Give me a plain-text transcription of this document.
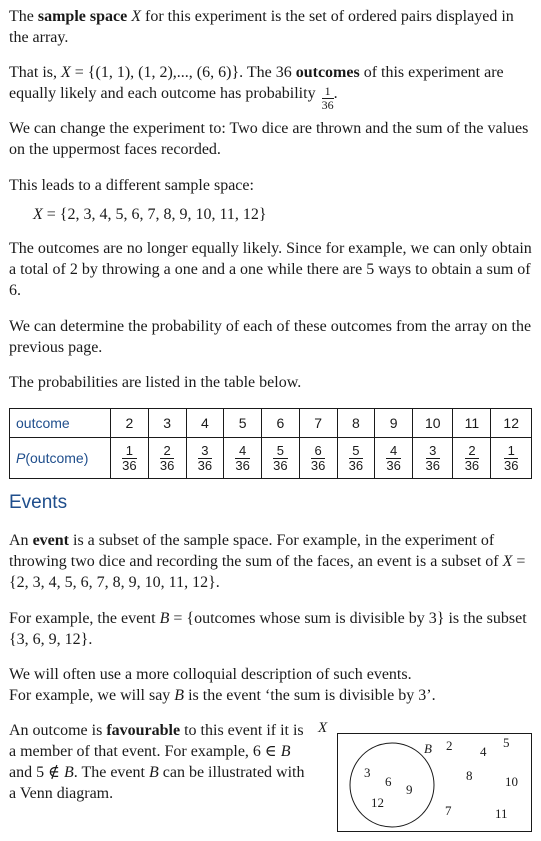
The sample space X for this experiment is the set of ordered pairs displayed in the array.

That is, X = {(1, 1), (1, 2),..., (6, 6)}. The 36 outcomes of this experiment are equally likely and each outcome has probability $\frac{1}{36}$ .

We can change the experiment to: Two dice are thrown and the sum of the values on the uppermost faces recorded.

This leads to a different sample space:

X = {2, 3, 4, 5, 6, 7, 8, 9, 10, 11, 12}

The outcomes are no longer equally likely. Since for example, we can only obtain a total of 2 by throwing a one and a one while there are 5 ways to obtain a sum of 6.

We can determine the probability of each of these outcomes from the array on the previous page.

The probabilities are listed in the table below.

outcome	2	3	4	5	6	7	8	9	10	11	12
P(outcome)	$\frac{1}{36}$	$\frac{2}{36}$	$\frac{3}{36}$	$\frac{4}{36}$	$\frac{5}{36}$	$\frac{6}{36}$	$\frac{5}{36}$	$\frac{4}{36}$	$\frac{3}{36}$	$\frac{2}{36}$	$\frac{1}{36}$
Events

An event is a subset of the sample space. For example, in the experiment of throwing two dice and recording the sum of the faces, an event is a subset of X = {2, 3, 4, 5, 6, 7, 8, 9, 10, 11, 12}.

For example, the event B = {outcomes whose sum is divisible by 3} is the subset {3, 6, 9, 12}.

We will often use a more colloquial description of such events.
For example, we will say B is the event ‘the sum is divisible by 3’.

An outcome is favourable to this event if it is a member of that event. For example, 6 ∈ B and 5 ∉ B. The event B can be illustrated with a Venn diagram.

X
B
3
6
9
12
2 4
5
8	10
7	11
